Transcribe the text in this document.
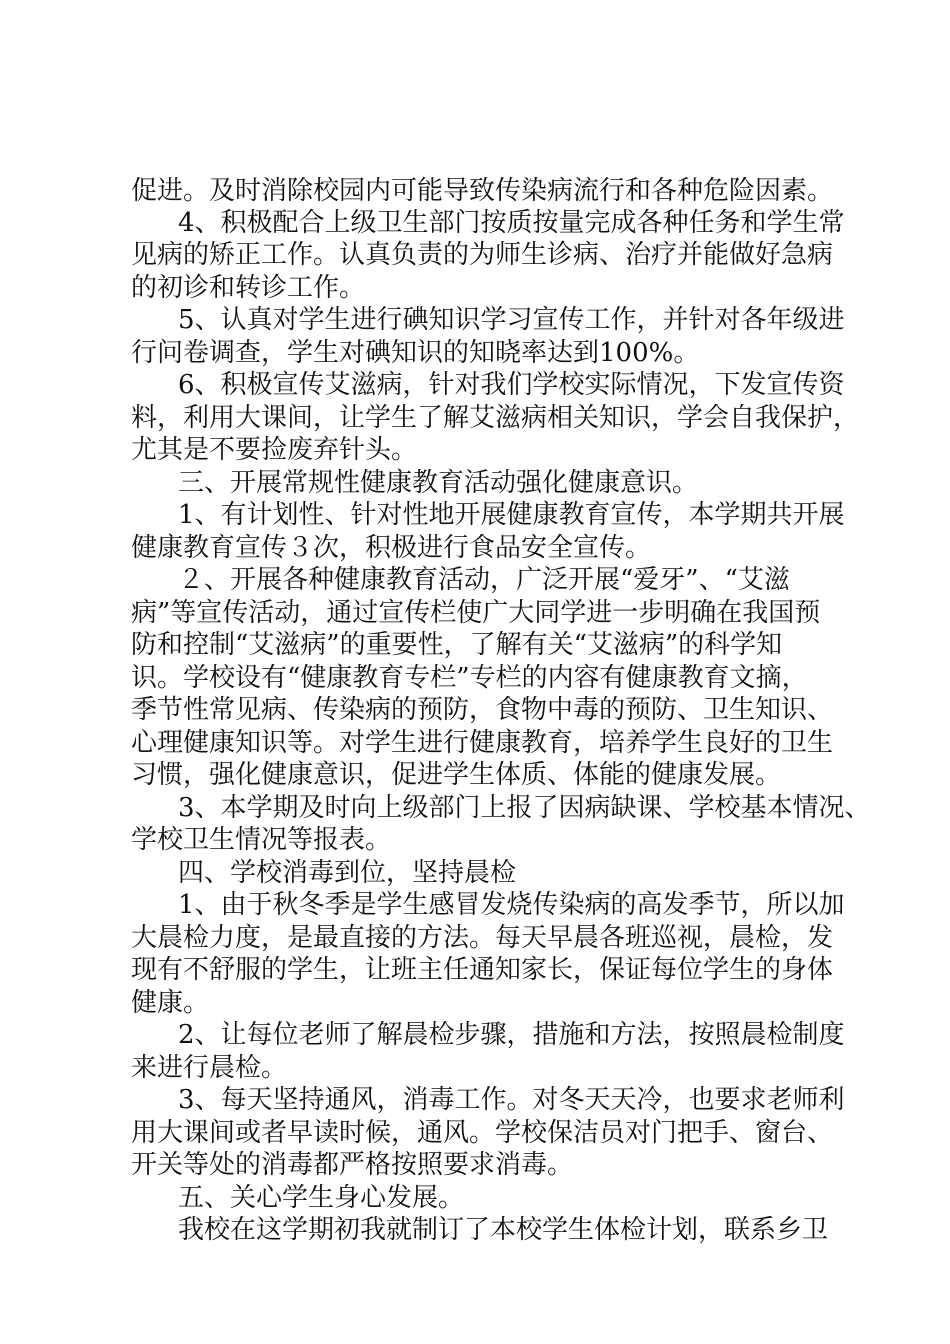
促进。及时消除校园内可能导致传染病流行和各种危险因素。
4、积极配合上级卫生部门按质按量完成各种任务和学生常
见病的矫正工作。认真负责的为师生诊病、治疗并能做好急病
的初诊和转诊工作。
5、认真对学生进行碘知识学习宣传工作，并针对各年级进
行问卷调查，学生对碘知识的知晓率达到100%。
6、积极宣传艾滋病，针对我们学校实际情况，下发宣传资
料，利用大课间，让学生了解艾滋病相关知识，学会自我保护，
尤其是不要捡废弃针头。
三、开展常规性健康教育活动强化健康意识。
1、有计划性、针对性地开展健康教育宣传，本学期共开展
健康教育宣传３次，积极进行食品安全宣传。
２、开展各种健康教育活动，广泛开展“爱牙”、“艾滋
病”等宣传活动，通过宣传栏使广大同学进一步明确在我国预
防和控制“艾滋病”的重要性，了解有关“艾滋病”的科学知
识。学校设有“健康教育专栏”专栏的内容有健康教育文摘，
季节性常见病、传染病的预防，食物中毒的预防、卫生知识、
心理健康知识等。对学生进行健康教育，培养学生良好的卫生
习惯，强化健康意识，促进学生体质、体能的健康发展。
3、本学期及时向上级部门上报了因病缺课、学校基本情况、
学校卫生情况等报表。
四、学校消毒到位，坚持晨检
1、由于秋冬季是学生感冒发烧传染病的高发季节，所以加
大晨检力度，是最直接的方法。每天早晨各班巡视，晨检，发
现有不舒服的学生，让班主任通知家长，保证每位学生的身体
健康。
2、让每位老师了解晨检步骤，措施和方法，按照晨检制度
来进行晨检。
3、每天坚持通风，消毒工作。对冬天天冷，也要求老师利
用大课间或者早读时候，通风。学校保洁员对门把手、窗台、
开关等处的消毒都严格按照要求消毒。
五、关心学生身心发展。
我校在这学期初我就制订了本校学生体检计划，联系乡卫
